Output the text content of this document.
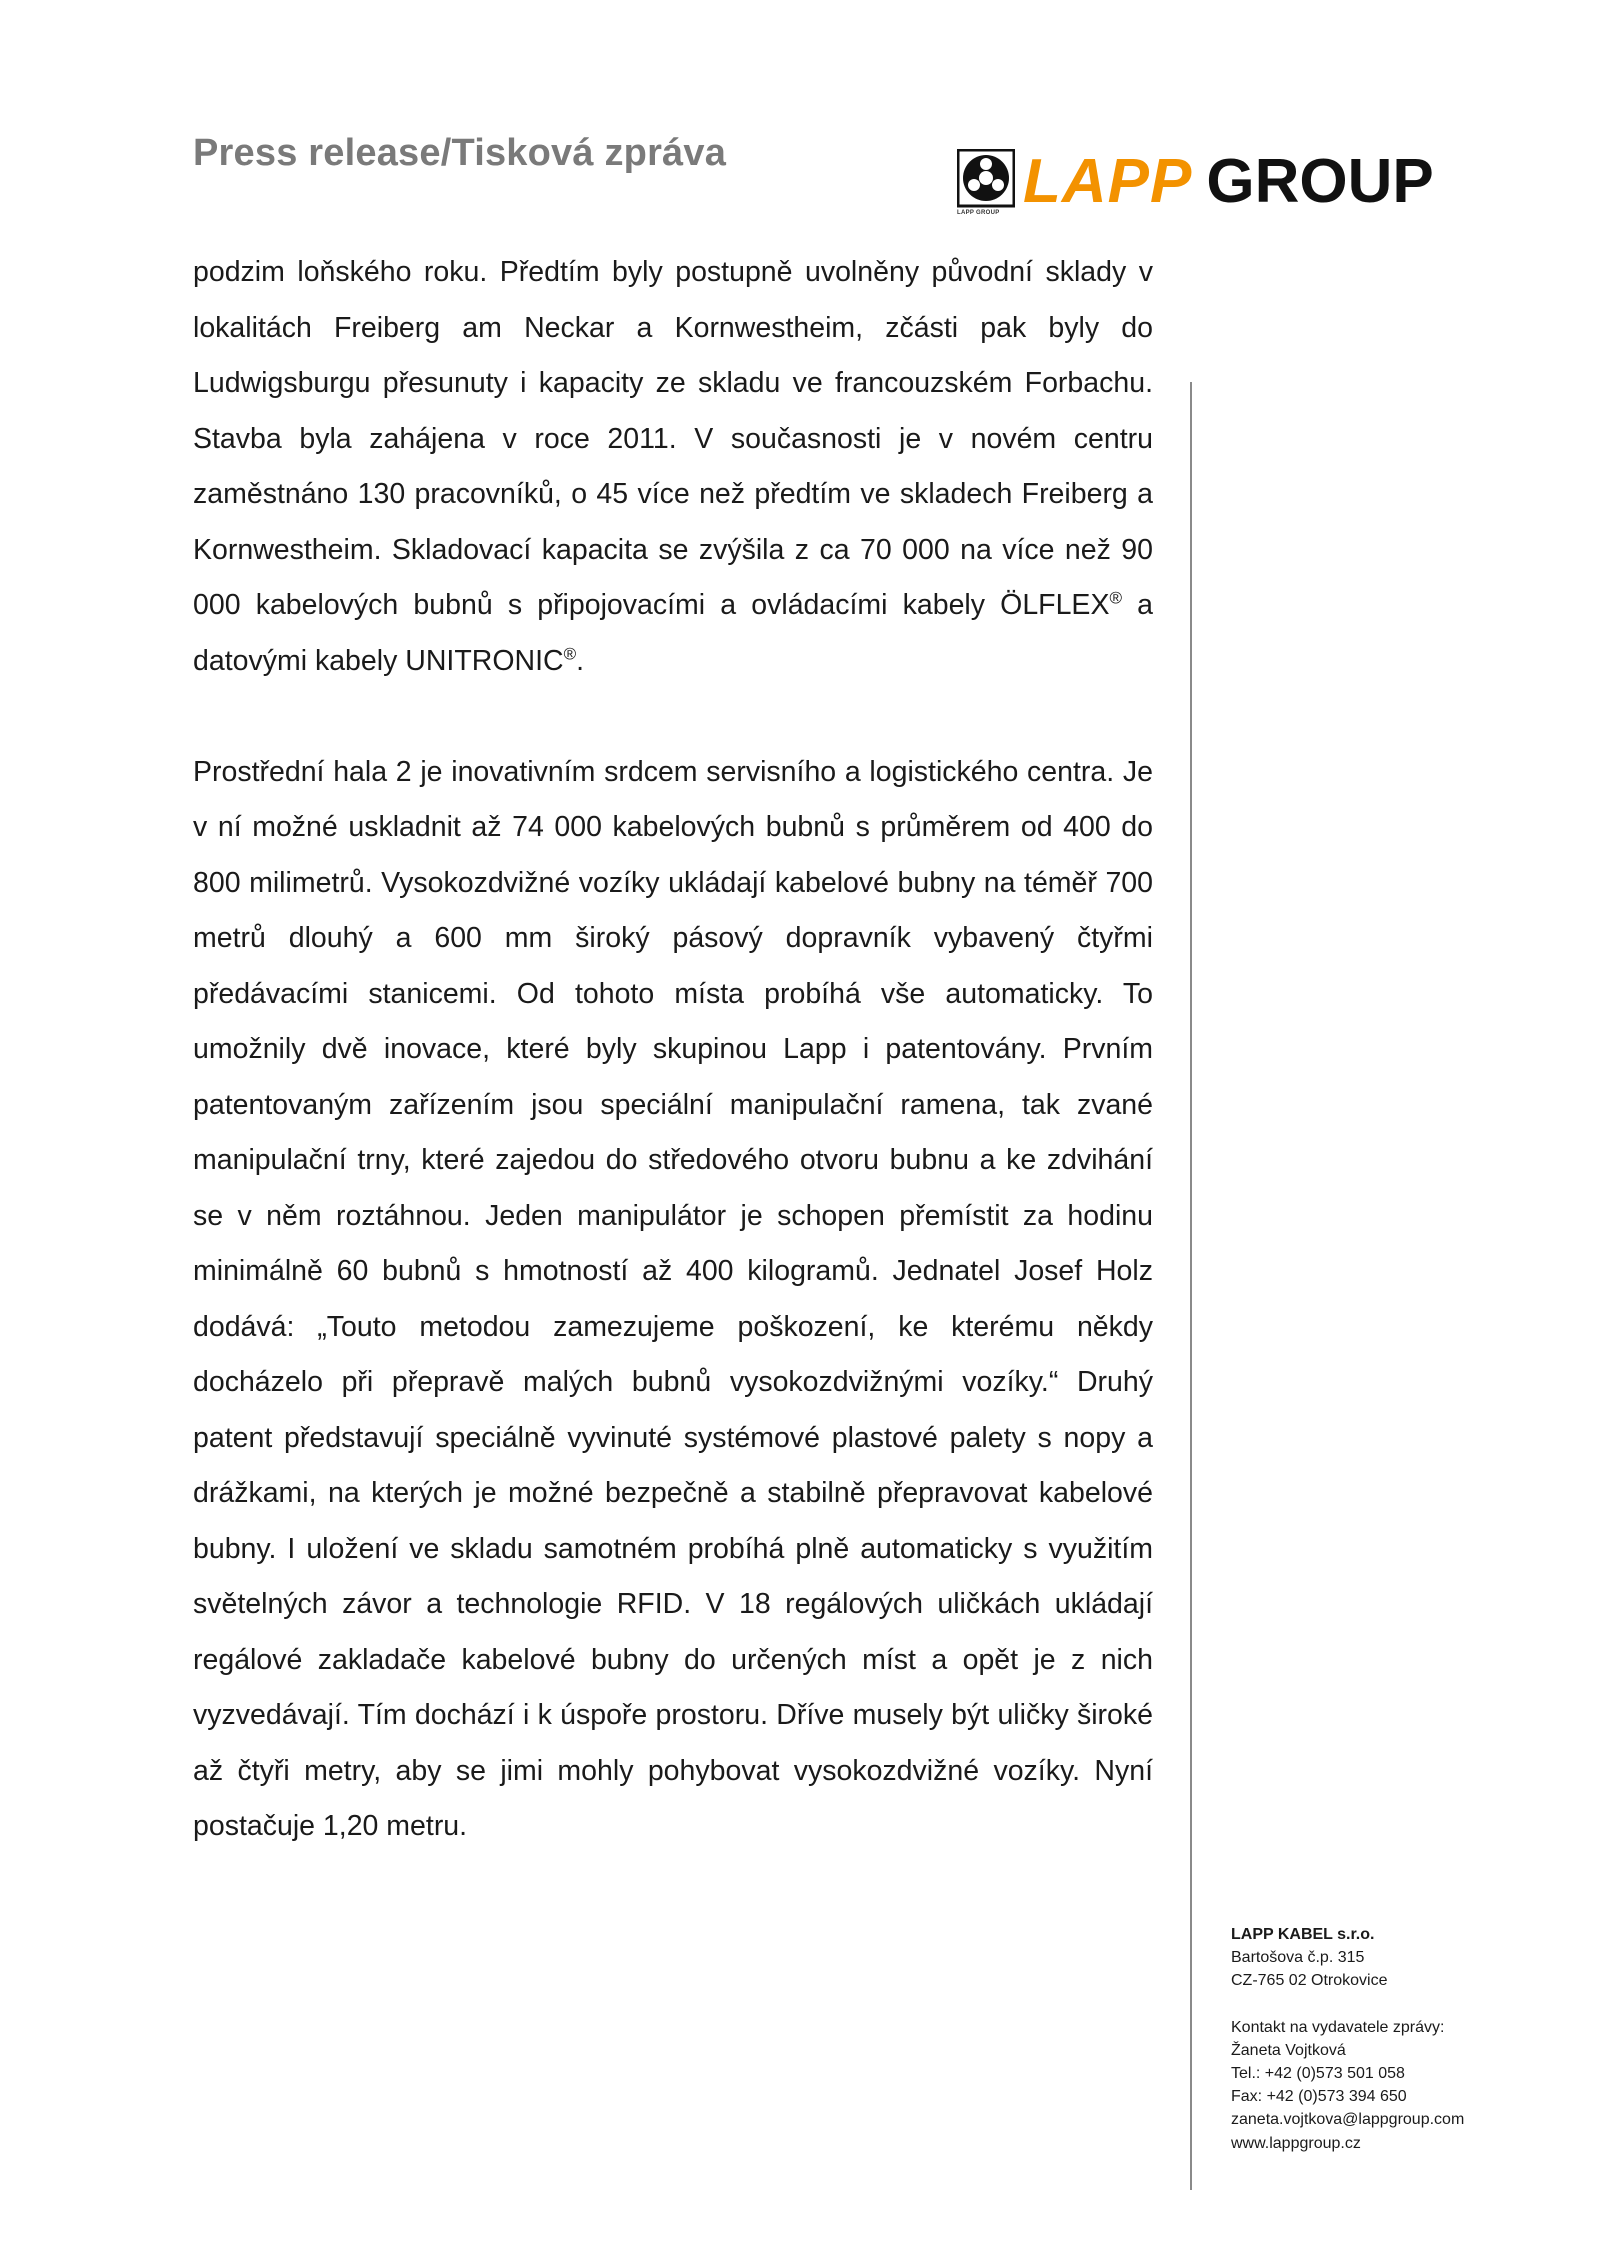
Press release/Tisková zpráva	LAPP GROUP
LAPP GROUP

podzim loňského roku. Předtím byly postupně uvolněny původní sklady v lokalitách Freiberg am Neckar a Kornwestheim, zčásti pak byly do Ludwigsburgu přesunuty i kapacity ze skladu ve francouzském Forbachu. Stavba byla zahájena v roce 2011. V současnosti je v novém centru zaměstnáno 130 pracovníků, o 45 více než předtím ve skladech Freiberg a Kornwestheim. Skladovací kapacita se zvýšila z ca 70 000 na více než 90 000 kabelových bubnů s připojovacími a ovládacími kabely ÖLFLEX® a datovými kabely UNITRONIC®.

Prostřední hala 2 je inovativním srdcem servisního a logistického centra. Je v ní možné uskladnit až 74 000 kabelových bubnů s průměrem od 400 do 800 milimetrů. Vysokozdvižné vozíky ukládají kabelové bubny na téměř 700 metrů dlouhý a 600 mm široký pásový dopravník vybavený čtyřmi předávacími stanicemi. Od tohoto místa probíhá vše automaticky. To umožnily dvě inovace, které byly skupinou Lapp i patentovány. Prvním patentovaným zařízením jsou speciální manipulační ramena, tak zvané manipulační trny, které zajedou do středového otvoru bubnu a ke zdvihání se v něm roztáhnou. Jeden manipulátor je schopen přemístit za hodinu minimálně 60 bubnů s hmotností až 400 kilogramů. Jednatel Josef Holz dodává: „Touto metodou zamezujeme poškození, ke kterému někdy docházelo při přepravě malých bubnů vysokozdvižnými vozíky.“ Druhý patent představují speciálně vyvinuté systémové plastové palety s nopy a drážkami, na kterých je možné bezpečně a stabilně přepravovat kabelové bubny. I uložení ve skladu samotném probíhá plně automaticky s využitím světelných závor a technologie RFID. V 18 regálových uličkách ukládají regálové zakladače kabelové bubny do určených míst a opět je z nich vyzvedávají. Tím dochází i k úspoře prostoru. Dříve musely být uličky široké až čtyři metry, aby se jimi mohly pohybovat vysokozdvižné vozíky. Nyní postačuje 1,20 metru.

LAPP KABEL s.r.o.
Bartošova č.p. 315
CZ-765 02 Otrokovice
Kontakt na vydavatele zprávy:
Žaneta Vojtková
Tel.: +42 (0)573 501 058
Fax: +42 (0)573 394 650
zaneta.vojtkova@lappgroup.com
www.lappgroup.cz
